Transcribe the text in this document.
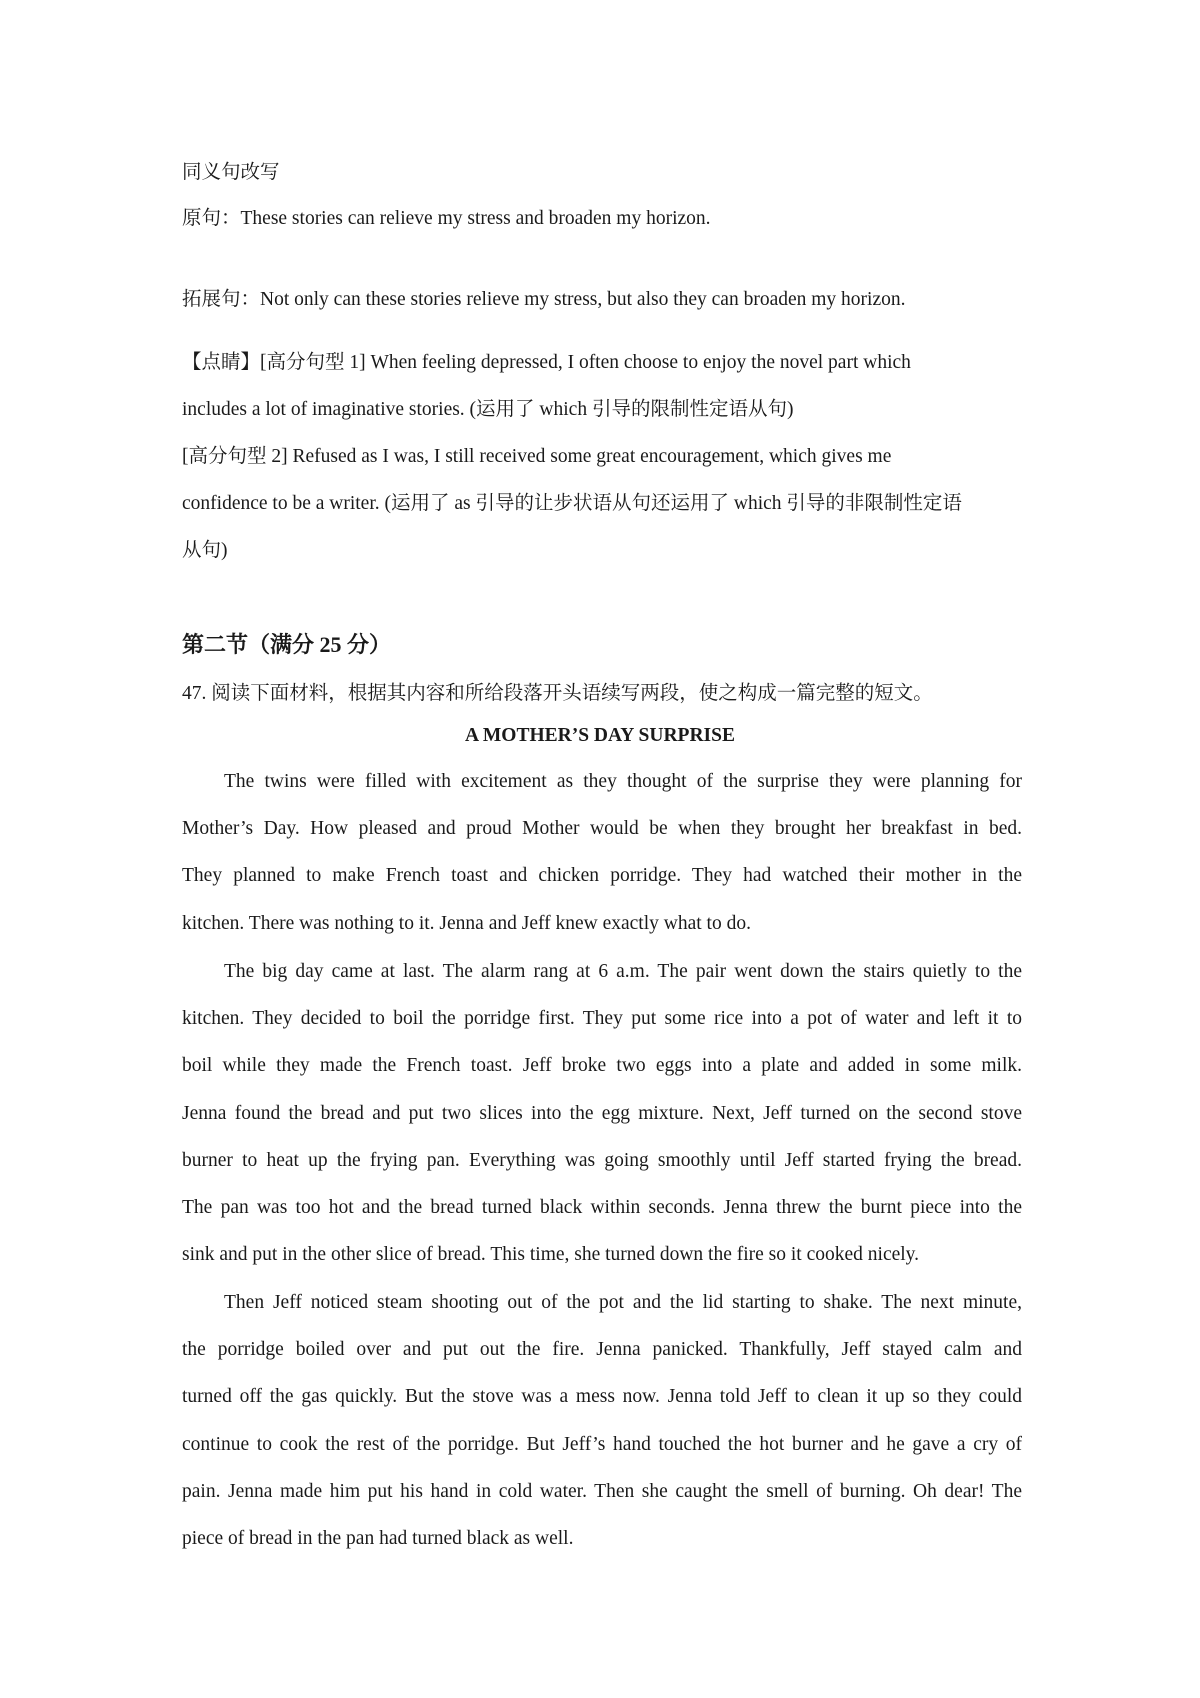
同义句改写
原句：These stories can relieve my stress and broaden my horizon.
拓展句：Not only can these stories relieve my stress, but also they can broaden my horizon.
【点睛】[高分句型 1] When feeling depressed, I often choose to enjoy the novel part which
includes a lot of imaginative stories. (运用了 which 引导的限制性定语从句)
[高分句型 2] Refused as I was, I still received some great encouragement, which gives me
confidence to be a writer. (运用了 as 引导的让步状语从句还运用了 which 引导的非限制性定语
从句)
第二节（满分 25 分）
47. 阅读下面材料，根据其内容和所给段落开头语续写两段，使之构成一篇完整的短文。
A MOTHER’S DAY SURPRISE
The twins were filled with excitement as they thought of the surprise they were planning for
Mother’s Day. How pleased and proud Mother would be when they brought her breakfast in bed.
They planned to make French toast and chicken porridge. They had watched their mother in the
kitchen. There was nothing to it. Jenna and Jeff knew exactly what to do.
The big day came at last. The alarm rang at 6 a.m. The pair went down the stairs quietly to the
kitchen. They decided to boil the porridge first. They put some rice into a pot of water and left it to
boil while they made the French toast. Jeff broke two eggs into a plate and added in some milk.
Jenna found the bread and put two slices into the egg mixture. Next, Jeff turned on the second stove
burner to heat up the frying pan. Everything was going smoothly until Jeff started frying the bread.
The pan was too hot and the bread turned black within seconds. Jenna threw the burnt piece into the
sink and put in the other slice of bread. This time, she turned down the fire so it cooked nicely.
Then Jeff noticed steam shooting out of the pot and the lid starting to shake. The next minute,
the porridge boiled over and put out the fire. Jenna panicked. Thankfully, Jeff stayed calm and
turned off the gas quickly. But the stove was a mess now. Jenna told Jeff to clean it up so they could
continue to cook the rest of the porridge. But Jeff’s hand touched the hot burner and he gave a cry of
pain. Jenna made him put his hand in cold water. Then she caught the smell of burning. Oh dear! The
piece of bread in the pan had turned black as well.
